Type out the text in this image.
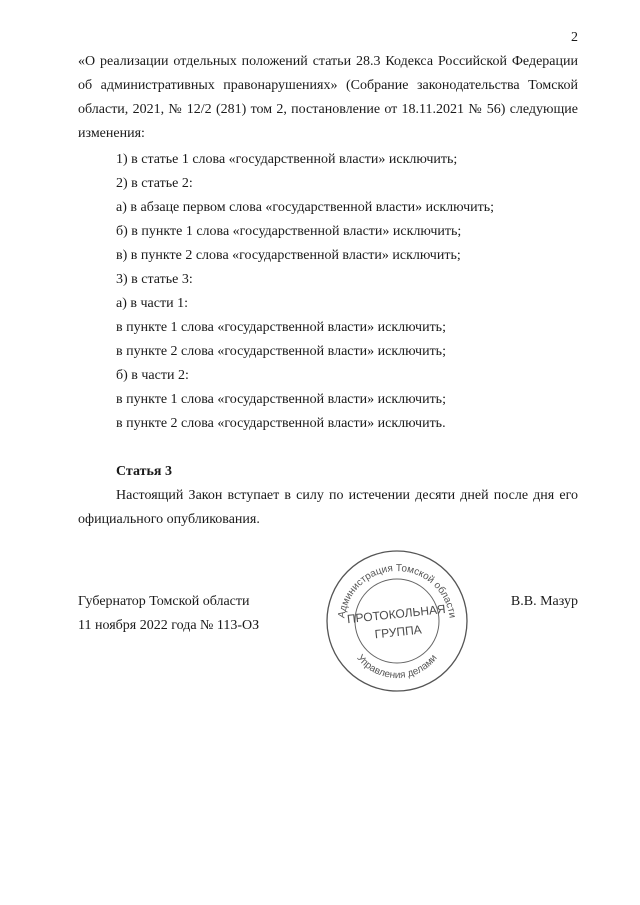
2

«О реализации отдельных положений статьи 28.3 Кодекса Российской Федерации об административных правонарушениях» (Собрание законодательства Томской области, 2021, № 12/2 (281) том 2, постановление от 18.11.2021 № 56) следующие изменения:

1) в статье 1 слова «государственной власти» исключить;

2) в статье 2:

а) в абзаце первом слова «государственной власти» исключить;

б) в пункте 1 слова «государственной власти» исключить;

в) в пункте 2 слова «государственной власти» исключить;

3) в статье 3:

а) в части 1:

в пункте 1 слова «государственной власти» исключить;

в пункте 2 слова «государственной власти» исключить;

б) в части 2:

в пункте 1 слова «государственной власти» исключить;

в пункте 2 слова «государственной власти» исключить.

Статья 3

Настоящий Закон вступает в силу по истечении десяти дней после дня его официального опубликования.

Губернатор Томской области

11 ноября 2022 года № 113-ОЗ

В.В. Мазур
Администрация Томской области
Управления делами
ПРОТОКОЛЬНАЯ
ГРУППА
